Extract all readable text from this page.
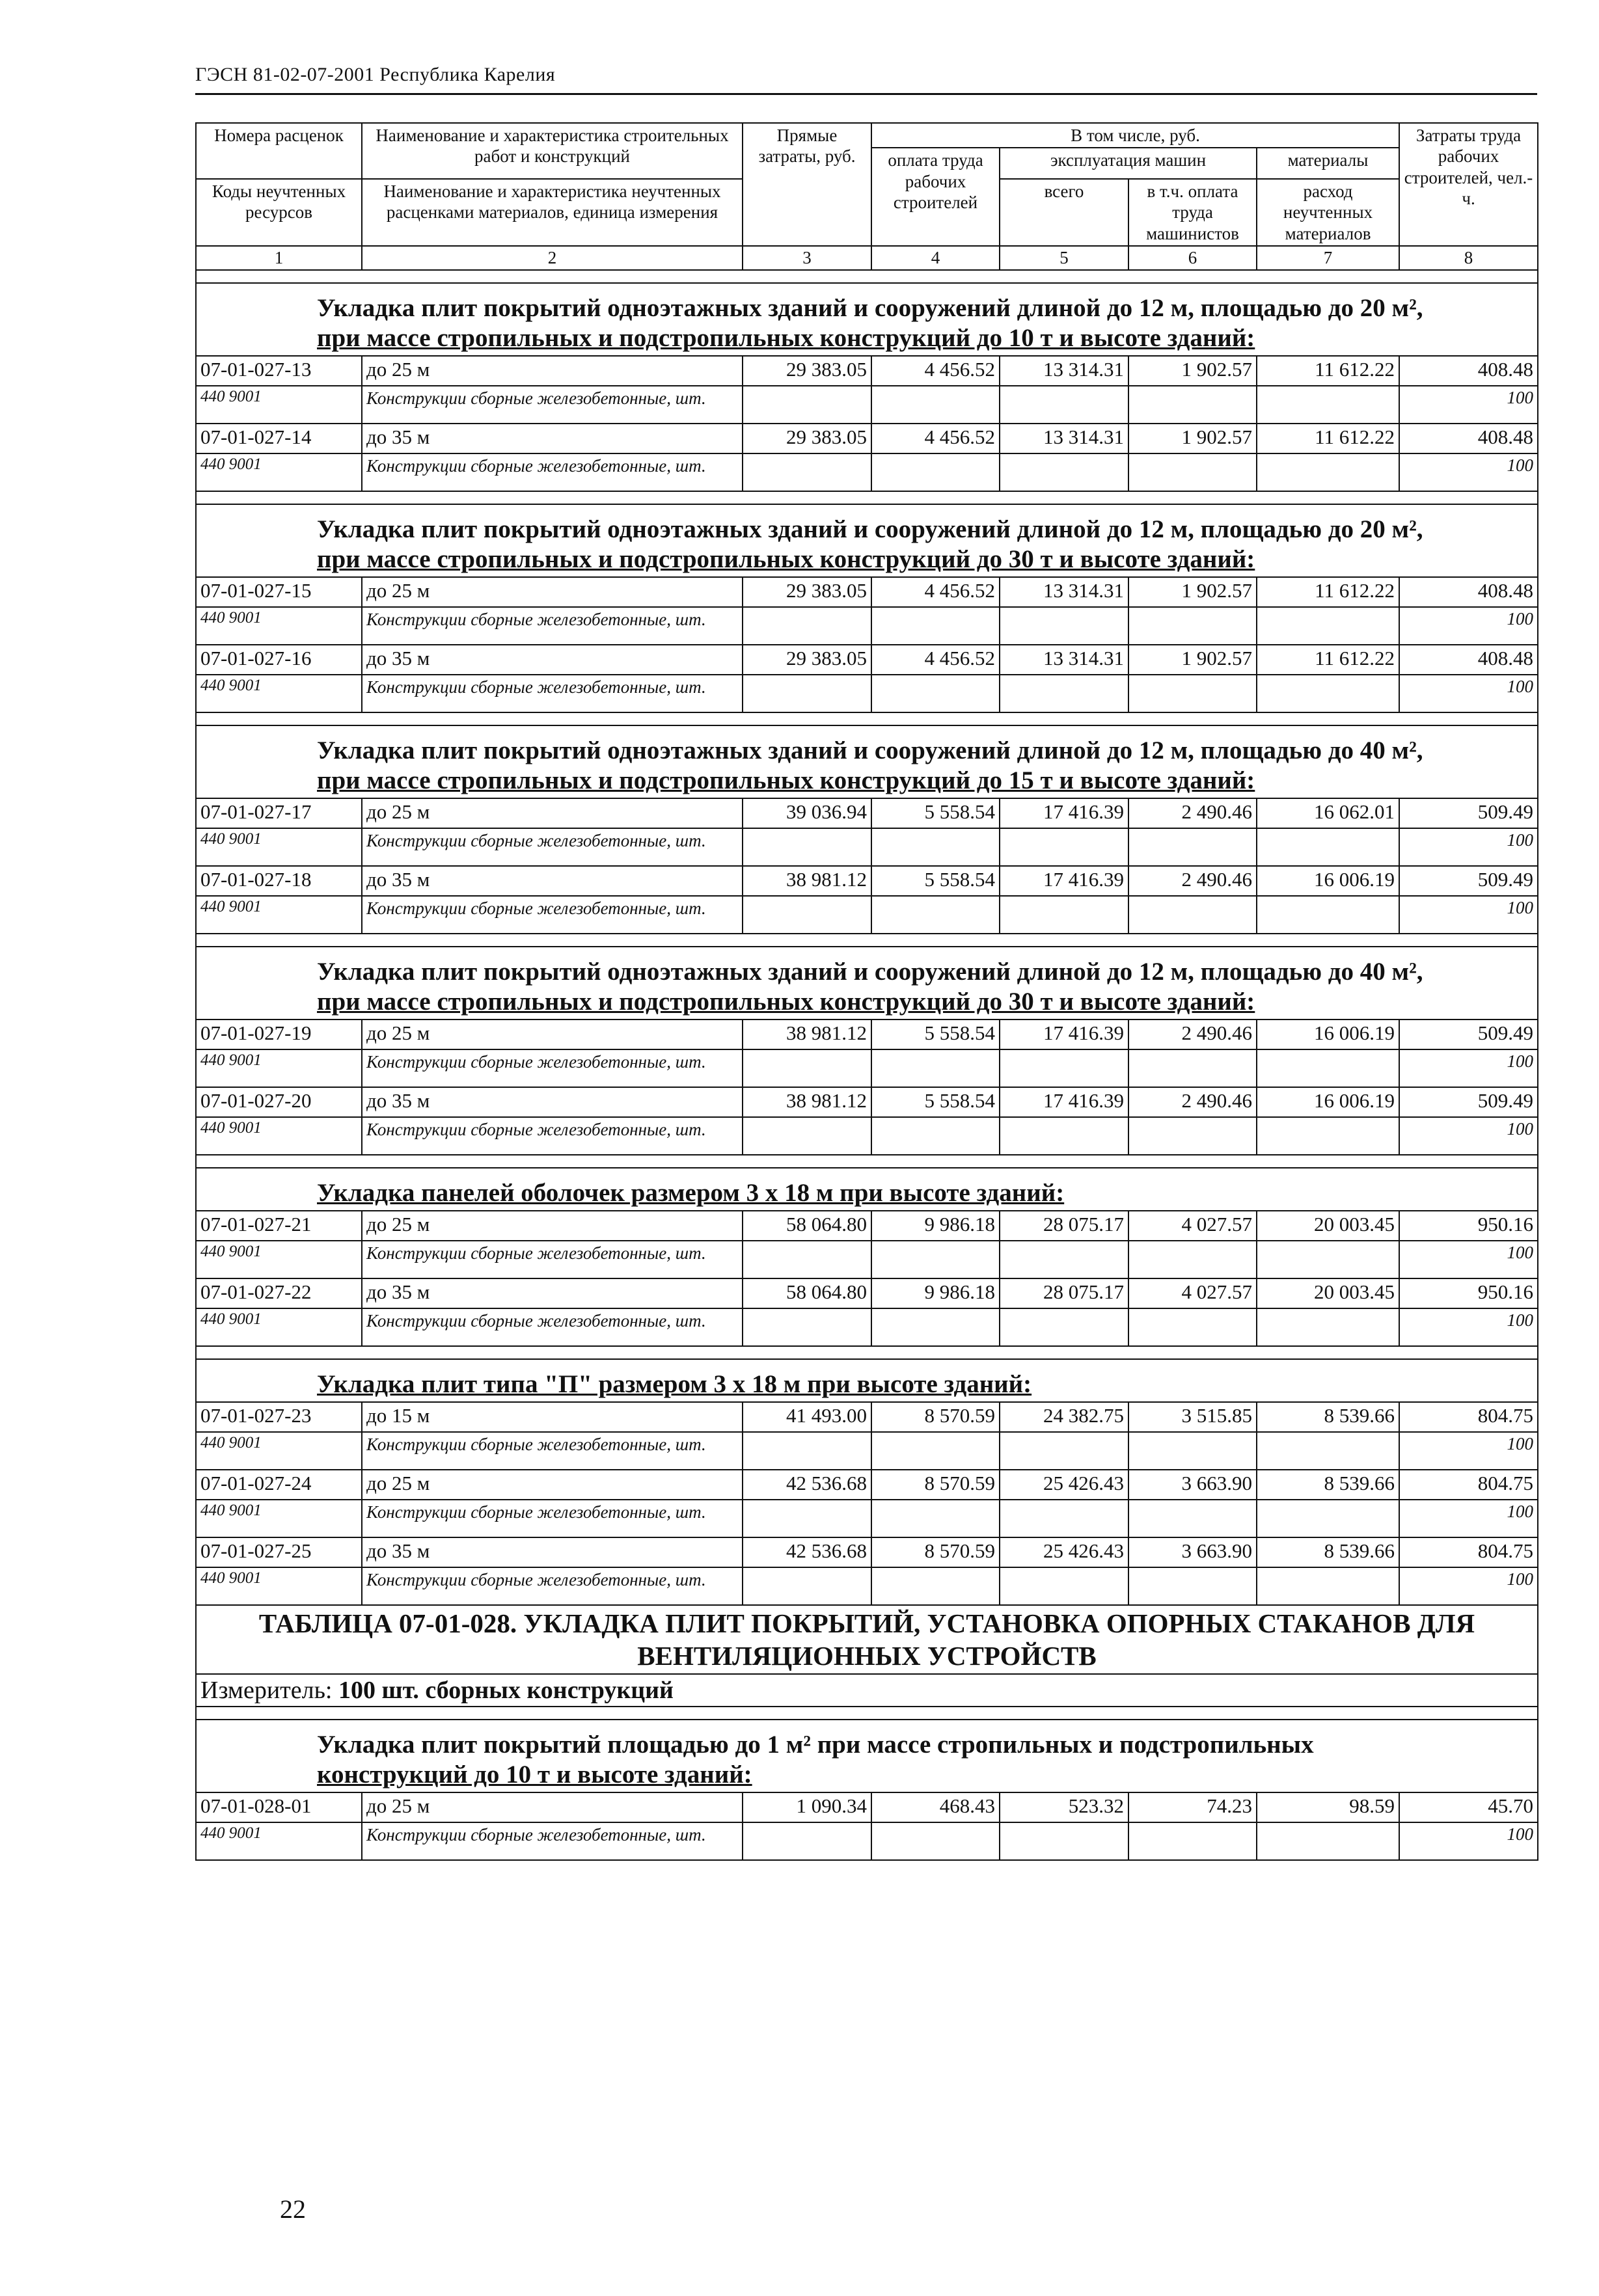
ГЭСН 81-02-07-2001 Республика Карелия
Номера расценок	Наименование и характеристика строительных работ и конструкций	Прямые затраты, руб.	В том числе, руб.				Затраты труда рабочих строителей, чел.-ч.	
			оплата труда рабочих строителей	эксплуатация машин		материалы		
Коды неучтенных ресурсов	Наименование и характеристика неучтенных расценками материалов, единица измерения			всего	в т.ч. оплата труда машинистов	расход неучтенных материалов		

1	2	3	4	5	6	7	8	

Укладка плит покрытий одноэтажных зданий и сооружений длиной до 12 м, площадью до 20 м²,
при массе стропильных и подстропильных конструкций до 10 т и высоте зданий:								
07-01-027-13	до 25 м	29 383.05	4 456.52	13 314.31	1 902.57	11 612.22	408.48	
440 9001	Конструкции сборные железобетонные, шт.						100	
07-01-027-14	до 35 м	29 383.05	4 456.52	13 314.31	1 902.57	11 612.22	408.48	
440 9001	Конструкции сборные железобетонные, шт.						100	

Укладка плит покрытий одноэтажных зданий и сооружений длиной до 12 м, площадью до 20 м²,
при массе стропильных и подстропильных конструкций до 30 т и высоте зданий:								
07-01-027-15	до 25 м	29 383.05	4 456.52	13 314.31	1 902.57	11 612.22	408.48	
440 9001	Конструкции сборные железобетонные, шт.						100	
07-01-027-16	до 35 м	29 383.05	4 456.52	13 314.31	1 902.57	11 612.22	408.48	
440 9001	Конструкции сборные железобетонные, шт.						100	

Укладка плит покрытий одноэтажных зданий и сооружений длиной до 12 м, площадью до 40 м²,
при массе стропильных и подстропильных конструкций до 15 т и высоте зданий:								
07-01-027-17	до 25 м	39 036.94	5 558.54	17 416.39	2 490.46	16 062.01	509.49	
440 9001	Конструкции сборные железобетонные, шт.						100	
07-01-027-18	до 35 м	38 981.12	5 558.54	17 416.39	2 490.46	16 006.19	509.49	
440 9001	Конструкции сборные железобетонные, шт.						100	

Укладка плит покрытий одноэтажных зданий и сооружений длиной до 12 м, площадью до 40 м²,
при массе стропильных и подстропильных конструкций до 30 т и высоте зданий:								
07-01-027-19	до 25 м	38 981.12	5 558.54	17 416.39	2 490.46	16 006.19	509.49	
440 9001	Конструкции сборные железобетонные, шт.						100	
07-01-027-20	до 35 м	38 981.12	5 558.54	17 416.39	2 490.46	16 006.19	509.49	
440 9001	Конструкции сборные железобетонные, шт.						100	

Укладка панелей оболочек размером 3 х 18 м при высоте зданий:								
07-01-027-21	до 25 м	58 064.80	9 986.18	28 075.17	4 027.57	20 003.45	950.16	
440 9001	Конструкции сборные железобетонные, шт.						100	
07-01-027-22	до 35 м	58 064.80	9 986.18	28 075.17	4 027.57	20 003.45	950.16	
440 9001	Конструкции сборные железобетонные, шт.						100	

Укладка плит типа "П" размером 3 х 18 м при высоте зданий:								
07-01-027-23	до 15 м	41 493.00	8 570.59	24 382.75	3 515.85	8 539.66	804.75	
440 9001	Конструкции сборные железобетонные, шт.						100	
07-01-027-24	до 25 м	42 536.68	8 570.59	25 426.43	3 663.90	8 539.66	804.75	
440 9001	Конструкции сборные железобетонные, шт.						100	
07-01-027-25	до 35 м	42 536.68	8 570.59	25 426.43	3 663.90	8 539.66	804.75	
440 9001	Конструкции сборные железобетонные, шт.						100	
ТАБЛИЦА 07-01-028. УКЛАДКА ПЛИТ ПОКРЫТИЙ, УСТАНОВКА ОПОРНЫХ СТАКАНОВ ДЛЯ
ВЕНТИЛЯЦИОННЫХ УСТРОЙСТВ								
Измеритель: 100 шт. сборных конструкций								

Укладка плит покрытий площадью до 1 м² при массе стропильных и подстропильных
конструкций до 10 т и высоте зданий:								
07-01-028-01	до 25 м	1 090.34	468.43	523.32	74.23	98.59	45.70	
440 9001	Конструкции сборные железобетонные, шт.						100	
22
